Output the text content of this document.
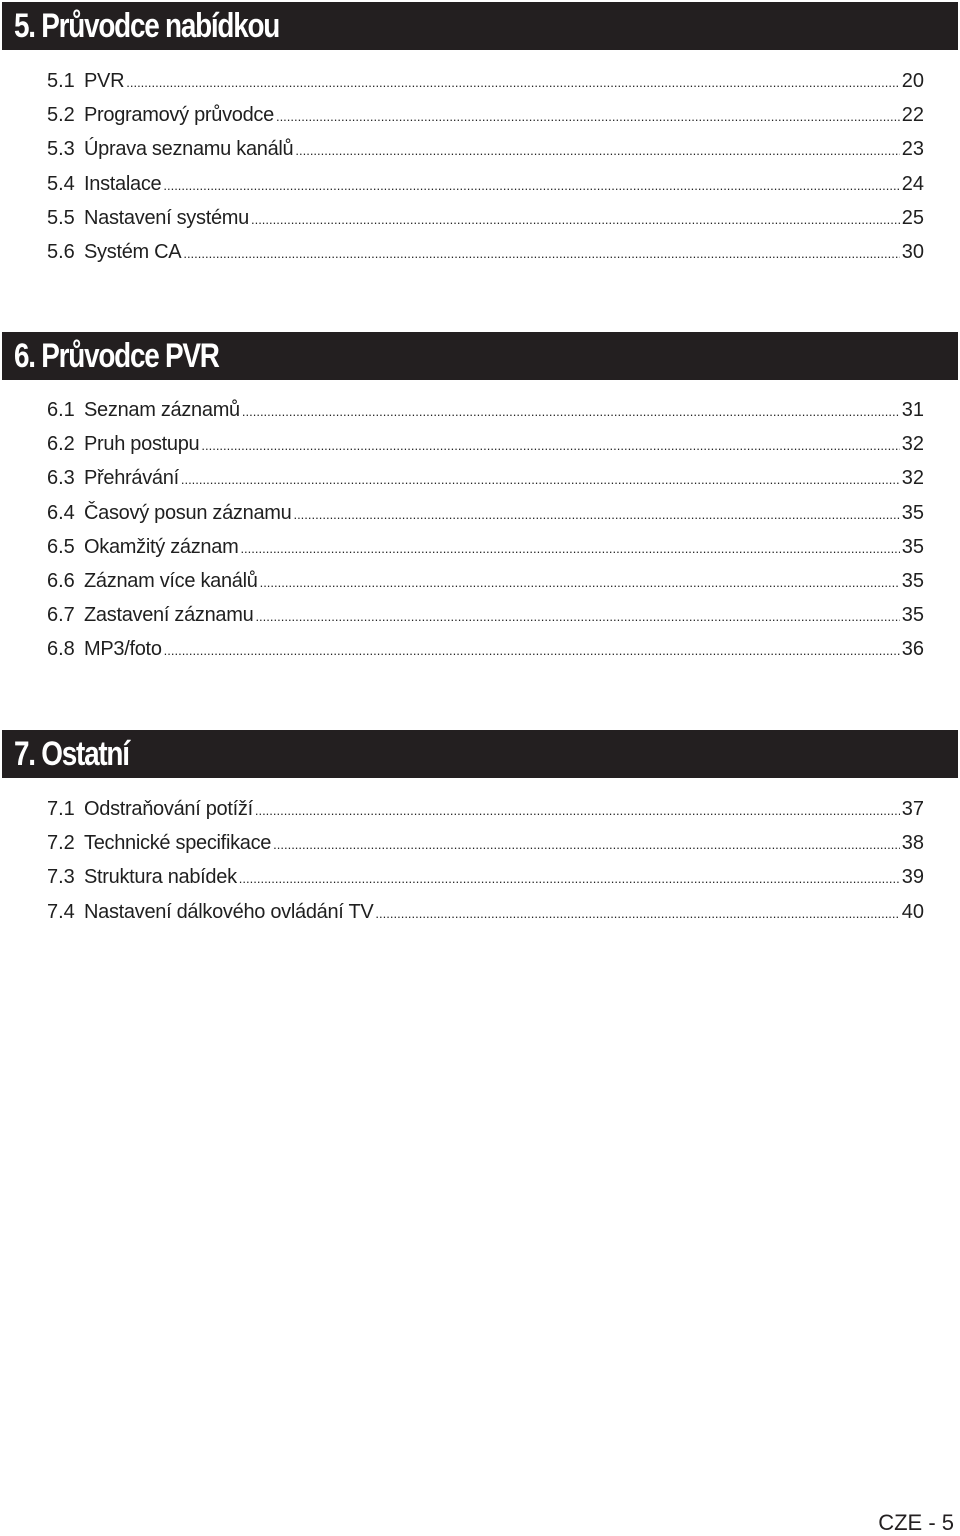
5. Průvodce nabídkou
5.1 PVR .....	20
5.2 Programový průvodce .....	22
5.3 Úprava seznamu kanálů .....	23
5.4 Instalace .....	24
5.5 Nastavení systému .....	25
5.6 Systém CA .....	30
6. Průvodce PVR
6.1 Seznam záznamů .....	31
6.2 Pruh postupu .....	32
6.3 Přehrávání .....	32
6.4 Časový posun záznamu .....	35
6.5 Okamžitý záznam .....	35
6.6 Záznam více kanálů .....	35
6.7 Zastavení záznamu .....	35
6.8 MP3/foto .....	36
7. Ostatní
7.1 Odstraňování potíží .....	37
7.2 Technické specifikace .....	38
7.3 Struktura nabídek .....	39
7.4 Nastavení dálkového ovládání TV .....	40
CZE - 5
